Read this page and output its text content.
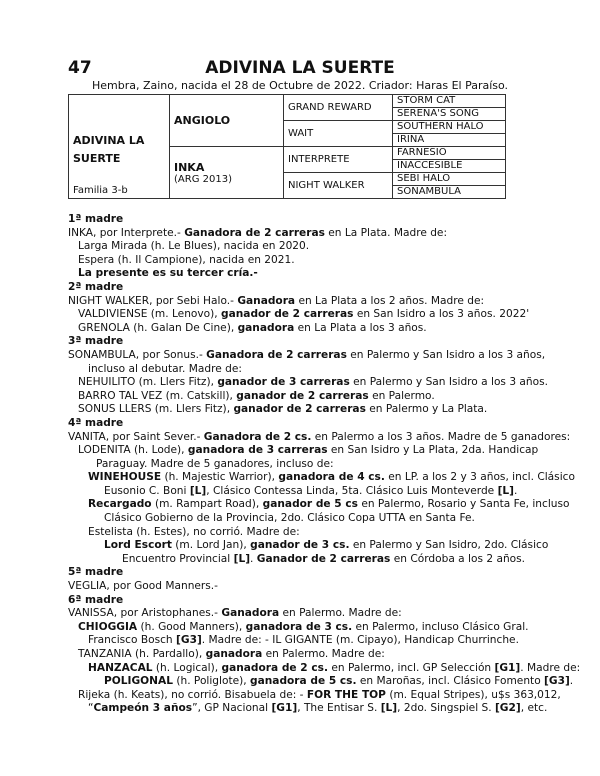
47	ADIVINA LA SUERTE
Hembra, Zaino, nacida el 28 de Octubre de 2022. Criador: Haras El Paraíso.
ADIVINA LA
SUERTE
Familia 3-b	ANGIOLO	GRAND REWARD	STORM CAT
			SERENA'S SONG
		WAIT	SOUTHERN HALO
			IRINA

	INKA
(ARG 2013)	INTERPRETE	FARNESIO
			INACCESIBLE
		NIGHT WALKER	SEBI HALO
			SONAMBULA
1ª madre
INKA, por Interprete.- Ganadora de 2 carreras en La Plata. Madre de:
Larga Mirada (h. Le Blues), nacida en 2020.
Espera (h. Il Campione), nacida en 2021.
La presente es su tercer cría.-
2ª madre
NIGHT WALKER, por Sebi Halo.- Ganadora en La Plata a los 2 años. Madre de:
VALDIVIENSE (m. Lenovo), ganador de 2 carreras en San Isidro a los 3 años. 2022'
GRENOLA (h. Galan De Cine), ganadora en La Plata a los 3 años.
3ª madre
SONAMBULA, por Sonus.- Ganadora de 2 carreras en Palermo y San Isidro a los 3 años,
incluso al debutar. Madre de:
NEHUILITO (m. Llers Fitz), ganador de 3 carreras en Palermo y San Isidro a los 3 años.
BARRO TAL VEZ (m. Catskill), ganador de 2 carreras en Palermo.
SONUS LLERS (m. Llers Fitz), ganador de 2 carreras en Palermo y La Plata.
4ª madre
VANITA, por Saint Sever.- Ganadora de 2 cs. en Palermo a los 3 años. Madre de 5 ganadores:
LODENITA (h. Lode), ganadora de 3 carreras en San Isidro y La Plata, 2da. Handicap
Paraguay. Madre de 5 ganadores, incluso de:
WINEHOUSE (h. Majestic Warrior), ganadora de 4 cs. en LP. a los 2 y 3 años, incl. Clásico
Eusonio C. Boni [L], Clásico Contessa Linda, 5ta. Clásico Luis Monteverde [L].
Recargado (m. Rampart Road), ganador de 5 cs en Palermo, Rosario y Santa Fe, incluso
Clásico Gobierno de la Provincia, 2do. Clásico Copa UTTA en Santa Fe.
Estelista (h. Estes), no corrió. Madre de:
Lord Escort (m. Lord Jan), ganador de 3 cs. en Palermo y San Isidro, 2do. Clásico
Encuentro Provincial [L]. Ganador de 2 carreras en Córdoba a los 2 años.
5ª madre
VEGLIA, por Good Manners.-
6ª madre
VANISSA, por Aristophanes.- Ganadora en Palermo. Madre de:
CHIOGGIA (h. Good Manners), ganadora de 3 cs. en Palermo, incluso Clásico Gral.
Francisco Bosch [G3]. Madre de: - IL GIGANTE (m. Cipayo), Handicap Churrinche.
TANZANIA (h. Pardallo), ganadora en Palermo. Madre de:
HANZACAL (h. Logical), ganadora de 2 cs. en Palermo, incl. GP Selección [G1]. Madre de:
POLIGONAL (h. Poliglote), ganadora de 5 cs. en Maroñas, incl. Clásico Fomento [G3].
Rijeka (h. Keats), no corrió. Bisabuela de: - FOR THE TOP (m. Equal Stripes), u$s 363,012,
“Campeón 3 años”, GP Nacional [G1], The Entisar S. [L], 2do. Singspiel S. [G2], etc.
